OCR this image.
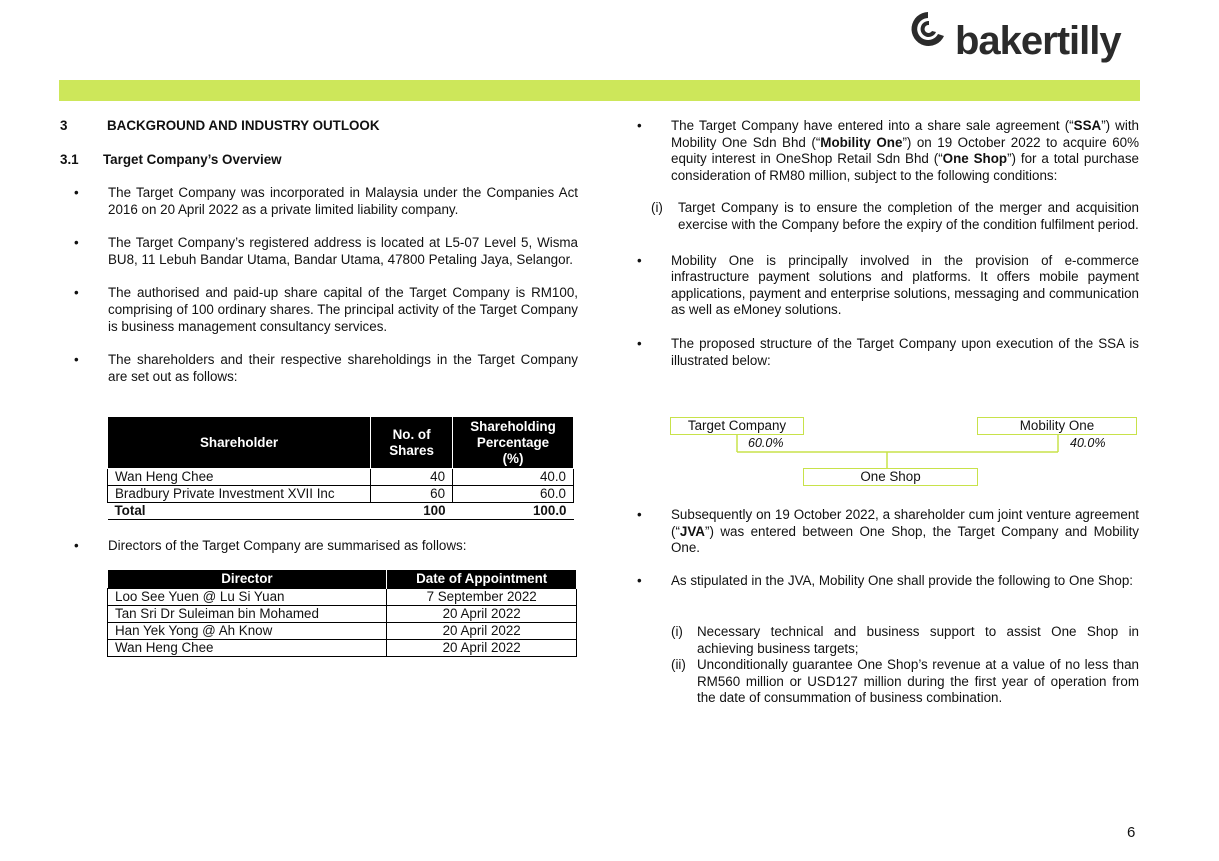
bakertilly
3	BACKGROUND AND INDUSTRY OUTLOOK
3.1 Target Company’s Overview
• The Target Company was incorporated in Malaysia under the Companies Act 2016 on 20 April 2022 as a private limited liability company.
• The Target Company’s registered address is located at L5-07 Level 5, Wisma BU8, 11 Lebuh Bandar Utama, Bandar Utama, 47800 Petaling Jaya, Selangor.
• The authorised and paid-up share capital of the Target Company is RM100, comprising of 100 ordinary shares. The principal activity of the Target Company is business management consultancy services.
• The shareholders and their respective shareholdings in the Target Company are set out as follows:
Shareholder	No. of Shares	Shareholding Percentage (%)
Wan Heng Chee	40	40.0
Bradbury Private Investment XVII Inc	60	60.0
Total	100	100.0
• Directors of the Target Company are summarised as follows:
Director	Date of Appointment
Loo See Yuen @ Lu Si Yuan	7 September 2022
Tan Sri Dr Suleiman bin Mohamed	20 April 2022
Han Yek Yong @ Ah Know	20 April 2022
Wan Heng Chee	20 April 2022
• The Target Company have entered into a share sale agreement (“SSA”) with Mobility One Sdn Bhd (“Mobility One”) on 19 October 2022 to acquire 60% equity interest in OneShop Retail Sdn Bhd (“One Shop”) for a total purchase consideration of RM80 million, subject to the following conditions:
(i) Target Company is to ensure the completion of the merger and acquisition exercise with the Company before the expiry of the condition fulfilment period.
• Mobility One is principally involved in the provision of e-commerce infrastructure payment solutions and platforms. It offers mobile payment applications, payment and enterprise solutions, messaging and communication as well as eMoney solutions.
• The proposed structure of the Target Company upon execution of the SSA is illustrated below:
Target Company	Mobility One
One Shop
60.0%	40.0%
• Subsequently on 19 October 2022, a shareholder cum joint venture agreement (“JVA”) was entered between One Shop, the Target Company and Mobility One.
• As stipulated in the JVA, Mobility One shall provide the following to One Shop:
(i) Necessary technical and business support to assist One Shop in achieving business targets;
(ii) Unconditionally guarantee One Shop’s revenue at a value of no less than RM560 million or USD127 million during the first year of operation from the date of consummation of business combination.
6
